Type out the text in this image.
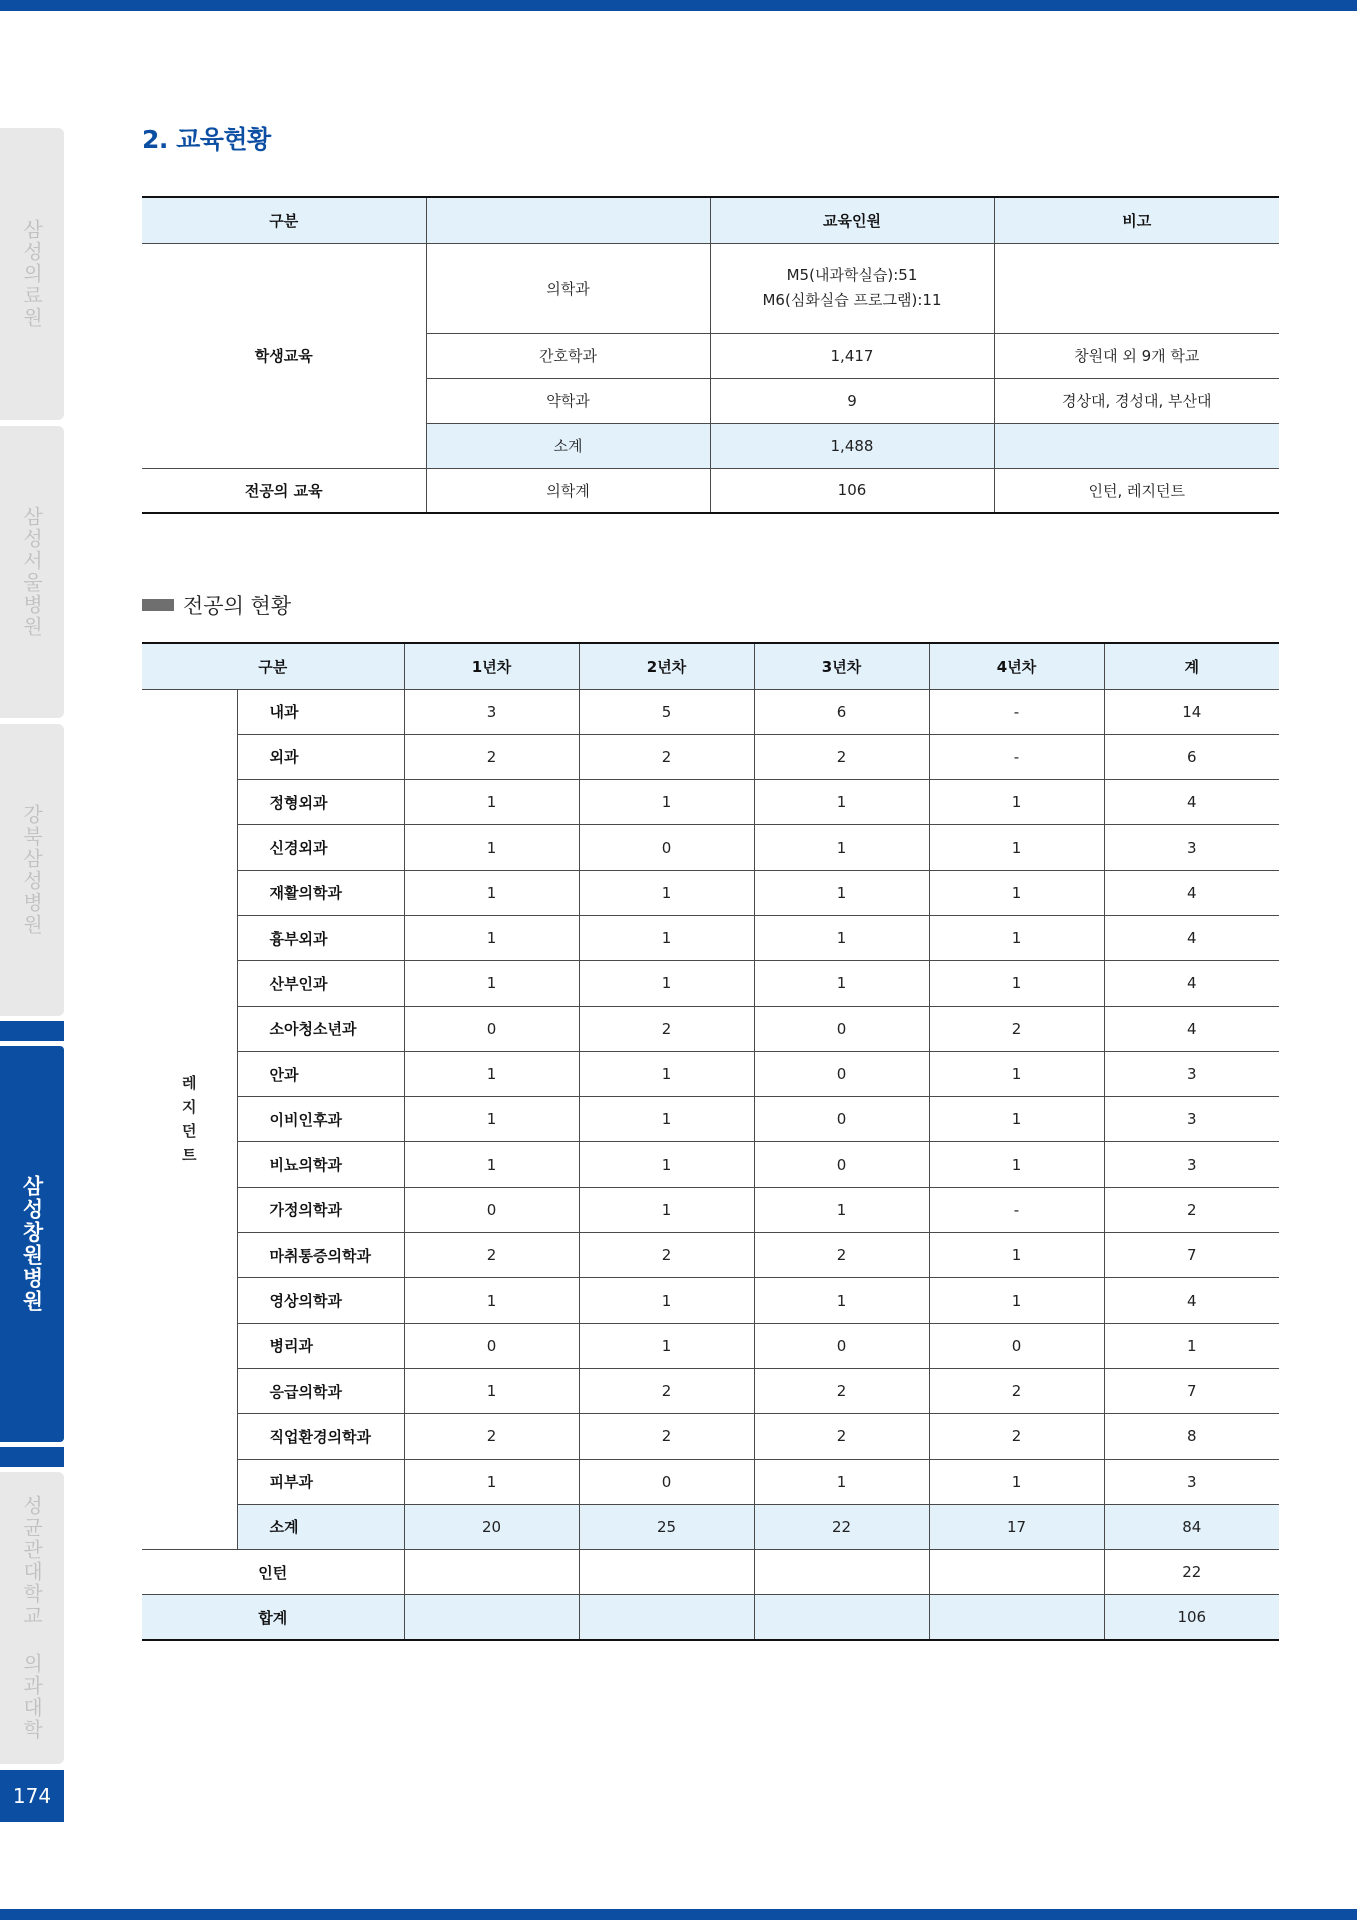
삼성의료원
삼성서울병원
강북삼성병원
삼성창원병원
성균관대학교 의과대학
174
2. 교육현황
구분		교육인원	비고
학생교육	의학과	M5(내과학실습):51
M6(심화실습 프로그램):11	

	간호학과	1,417	창원대 외 9개 학교
	약학과	9	경상대, 경성대, 부산대
	소계	1,488	
전공의 교육	의학계	106	인턴, 레지던트
전공의 현황
구분		1년차	2년차	3년차	4년차	계
레지던트	내과	3	5	6	-	14
	외과	2	2	2	-	6
	정형외과	1	1	1	1	4
	신경외과	1	0	1	1	3
	재활의학과	1	1	1	1	4
	흉부외과	1	1	1	1	4
	산부인과	1	1	1	1	4
	소아청소년과	0	2	0	2	4
	안과	1	1	0	1	3
	이비인후과	1	1	0	1	3
	비뇨의학과	1	1	0	1	3
	가정의학과	0	1	1	-	2
	마취통증의학과	2	2	2	1	7
	영상의학과	1	1	1	1	4
	병리과	0	1	0	0	1
	응급의학과	1	2	2	2	7
	직업환경의학과	2	2	2	2	8
	피부과	1	0	1	1	3
	소계	20	25	22	17	84
인턴						22
합계						106
